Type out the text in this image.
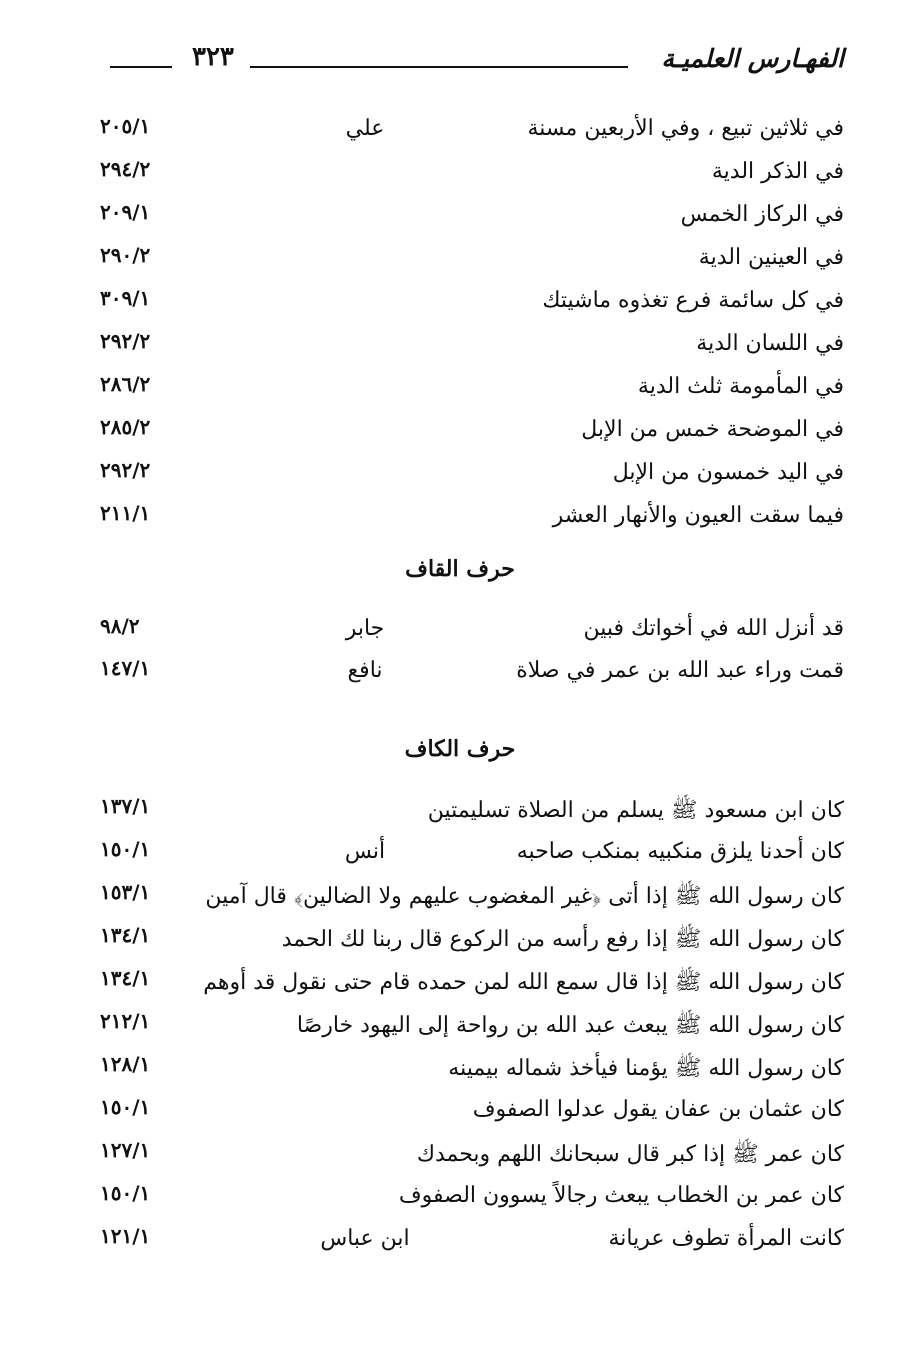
الفهـارس العلميـة
٣٢٣
في ثلاثين تبيع ، وفي الأربعين مسنة
علي
٢٠٥/١
في الذكر الدية
٢٩٤/٢
في الركاز الخمس
٢٠٩/١
في العينين الدية
٢٩٠/٢
في كل سائمة فرع تغذوه ماشيتك
٣٠٩/١
في اللسان الدية
٢٩٢/٢
في المأمومة ثلث الدية
٢٨٦/٢
في الموضحة خمس من الإبل
٢٨٥/٢
في اليد خمسون من الإبل
٢٩٢/٢
فيما سقت العيون والأنهار العشر
٢١١/١
حرف القاف
قد أنزل الله في أخواتك فبين
جابر
٩٨/٢
قمت وراء عبد الله بن عمر في صلاة
نافع
١٤٧/١
حرف الكاف
كان ابن مسعود ﷺ يسلم من الصلاة تسليمتين
١٣٧/١
كان أحدنا يلزق منكبيه بمنكب صاحبه
أنس
١٥٠/١
كان رسول الله ﷺ إذا أتى ﴿غير المغضوب عليهم ولا الضالين﴾ قال آمين
١٥٣/١
كان رسول الله ﷺ إذا رفع رأسه من الركوع قال ربنا لك الحمد
١٣٤/١
كان رسول الله ﷺ إذا قال سمع الله لمن حمده قام حتى نقول قد أوهم
١٣٤/١
كان رسول الله ﷺ يبعث عبد الله بن رواحة إلى اليهود خارصًا
٢١٢/١
كان رسول الله ﷺ يؤمنا فيأخذ شماله بيمينه
١٢٨/١
كان عثمان بن عفان يقول عدلوا الصفوف
١٥٠/١
كان عمر ﷺ إذا كبر قال سبحانك اللهم وبحمدك
١٢٧/١
كان عمر بن الخطاب يبعث رجالاً يسوون الصفوف
١٥٠/١
كانت المرأة تطوف عريانة
ابن عباس
١٢١/١
